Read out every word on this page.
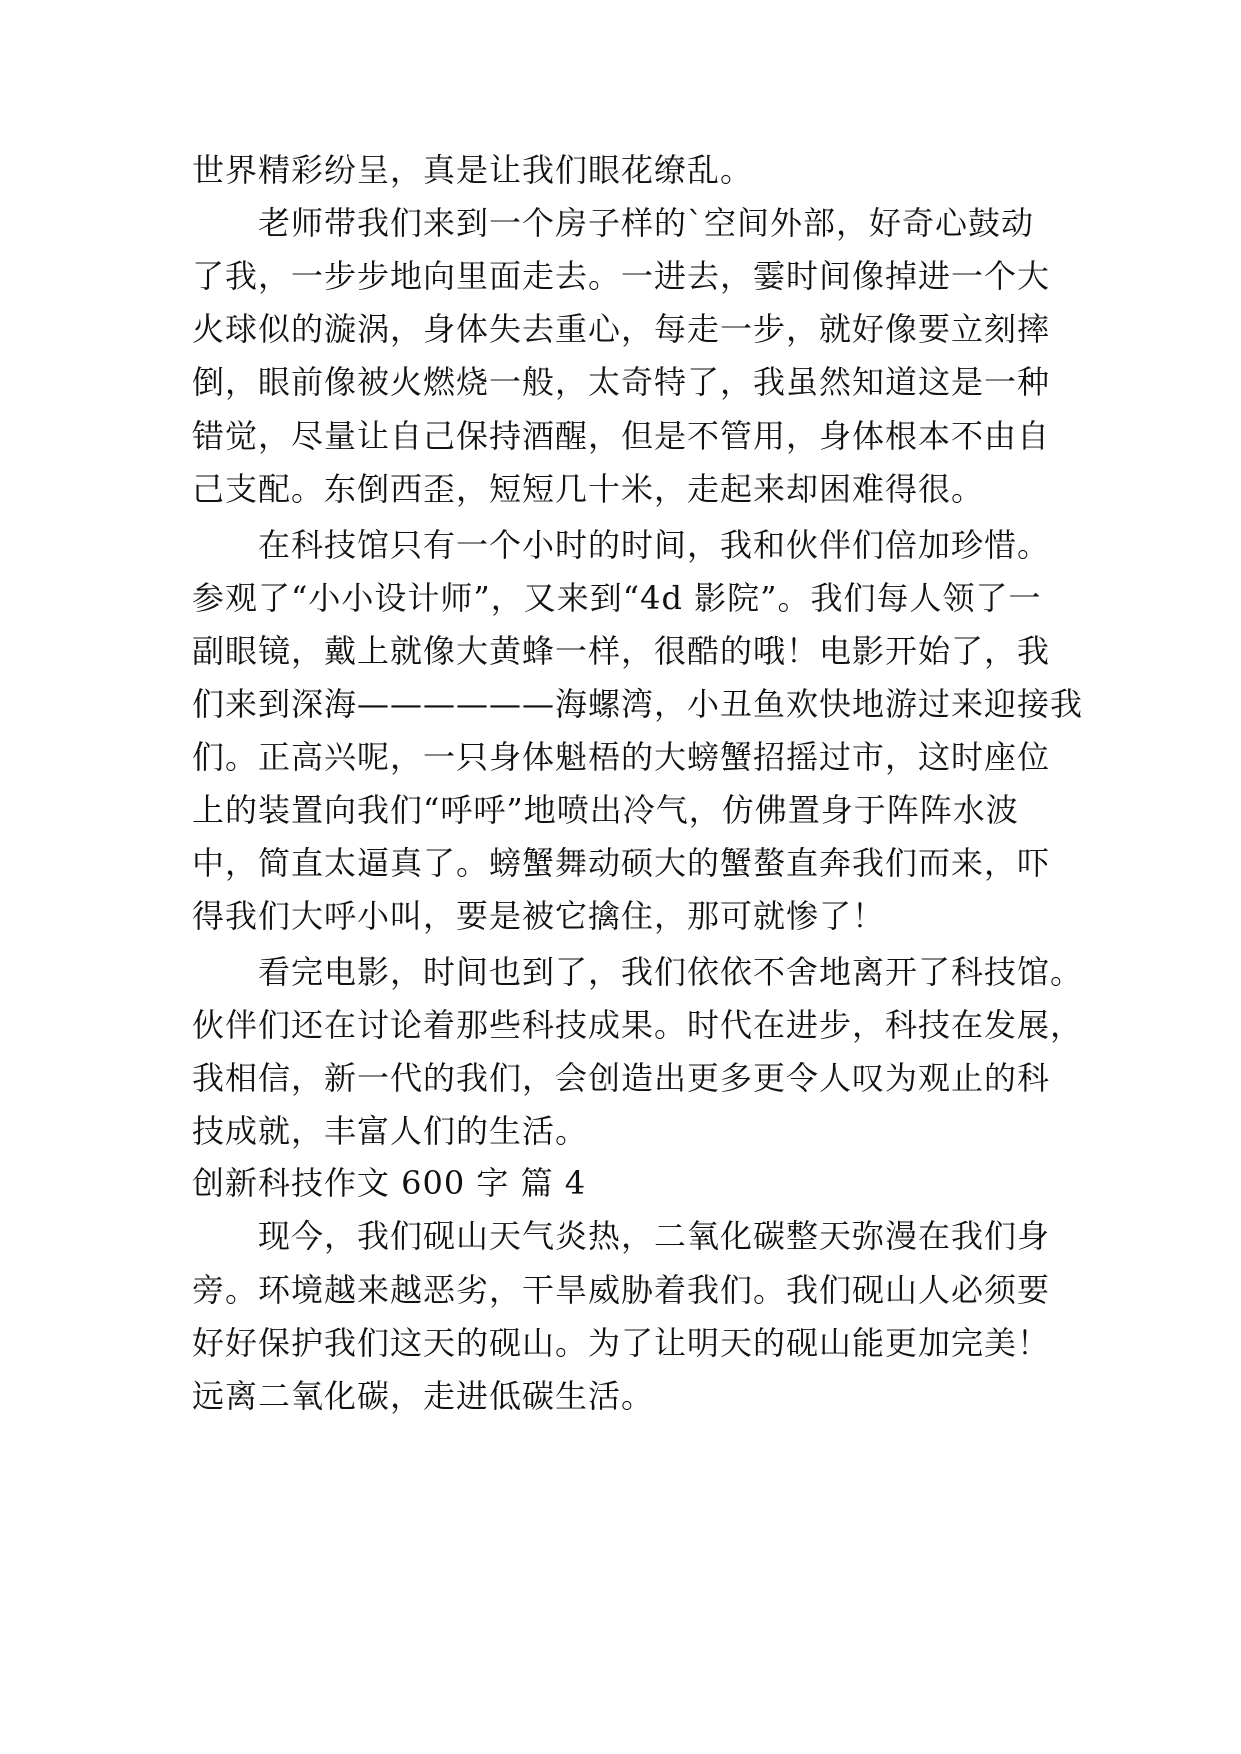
世界精彩纷呈，真是让我们眼花缭乱。
　　老师带我们来到一个房子样的`空间外部，好奇心鼓动
了我，一步步地向里面走去。一进去，霎时间像掉进一个大
火球似的漩涡，身体失去重心，每走一步，就好像要立刻摔
倒，眼前像被火燃烧一般，太奇特了，我虽然知道这是一种
错觉，尽量让自己保持酒醒，但是不管用，身体根本不由自
己支配。东倒西歪，短短几十米，走起来却困难得很。
　　在科技馆只有一个小时的时间，我和伙伴们倍加珍惜。
参观了“小小设计师”，又来到“4d 影院”。我们每人领了一
副眼镜，戴上就像大黄蜂一样，很酷的哦！电影开始了，我
们来到深海——————海螺湾，小丑鱼欢快地游过来迎接我
们。正高兴呢，一只身体魁梧的大螃蟹招摇过市，这时座位
上的装置向我们“呼呼”地喷出冷气，仿佛置身于阵阵水波
中，简直太逼真了。螃蟹舞动硕大的蟹螯直奔我们而来，吓
得我们大呼小叫，要是被它擒住，那可就惨了！
　　看完电影，时间也到了，我们依依不舍地离开了科技馆。
伙伴们还在讨论着那些科技成果。时代在进步，科技在发展，
我相信，新一代的我们，会创造出更多更令人叹为观止的科
技成就，丰富人们的生活。
创新科技作文 600 字 篇 4
　　现今，我们砚山天气炎热，二氧化碳整天弥漫在我们身
旁。环境越来越恶劣，干旱威胁着我们。我们砚山人必须要
好好保护我们这天的砚山。为了让明天的砚山能更加完美！
远离二氧化碳，走进低碳生活。
